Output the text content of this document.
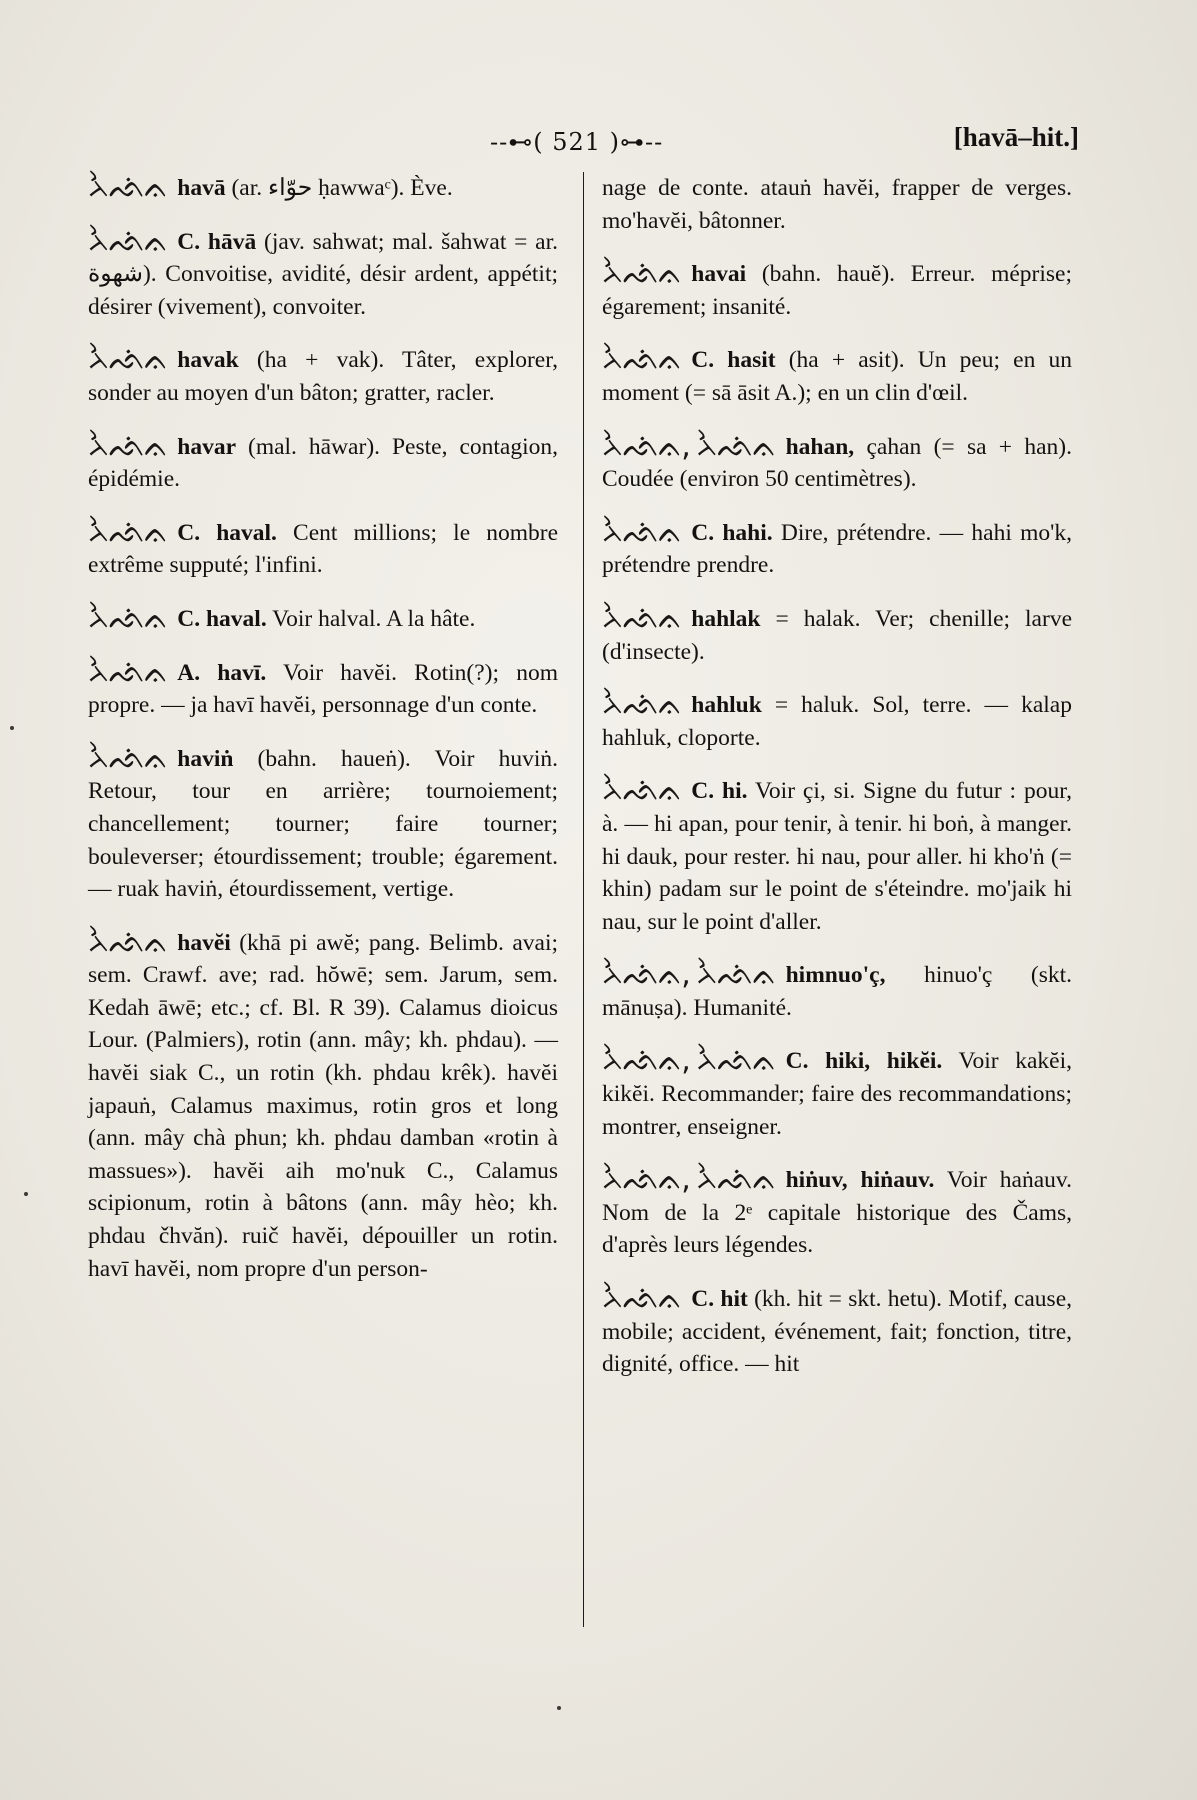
--⊷( 521 )⊶--	[havā–hit.]

ᨂᨛᨒᨗᨊ havā (ar. حوّاء ḥawwaᶜ). Ève.

ᨂᨛᨒᨗᨊ C. hāvā (jav. sahwat; mal. šahwat = ar. شهوة). Convoitise, avidité, désir ardent, appétit; désirer (vivement), convoiter.

ᨂᨛᨒᨗᨊ havak (ha + vak). Tâter, explorer, sonder au moyen d'un bâton; gratter, racler.

ᨂᨛᨒᨗᨊ havar (mal. hāwar). Peste, contagion, épidémie.

ᨂᨛᨒᨗᨊ C. haval. Cent millions; le nombre extrême supputé; l'infini.

ᨂᨛᨒᨗᨊ C. haval. Voir halval. A la hâte.

ᨂᨛᨒᨗᨊ A. havī. Voir havĕi. Rotin(?); nom propre. — ja havī havĕi, personnage d'un conte.

ᨂᨛᨒᨗᨊ haviṅ (bahn. haueṅ). Voir huviṅ. Retour, tour en arrière; tournoiement; chancellement; tourner; faire tourner; bouleverser; étourdissement; trouble; égarement. — ruak haviṅ, étourdissement, vertige.

ᨂᨛᨒᨗᨊ havĕi (khā pi awĕ; pang. Belimb. avai; sem. Crawf. ave; rad. hŏwē; sem. Jarum, sem. Kedah āwē; etc.; cf. Bl. R 39). Calamus dioicus Lour. (Palmiers), rotin (ann. mây; kh. phdau). — havĕi siak C., un rotin (kh. phdau krêk). havĕi japauṅ, Calamus maximus, rotin gros et long (ann. mây chà phun; kh. phdau damban «rotin à massues»). havĕi aih mo'nuk C., Calamus scipionum, rotin à bâtons (ann. mây hèo; kh. phdau čhvăn). ruič havĕi, dépouiller un rotin. havī havĕi, nom propre d'un person-

nage de conte. atauṅ havĕi, frapper de verges. mo'havĕi, bâtonner.

ᨂᨛᨒᨗᨊ havai (bahn. hauĕ). Erreur. méprise; égarement; insanité.

ᨂᨛᨒᨗᨊ C. hasit (ha + asit). Un peu; en un moment (= sā āsit A.); en un clin d'œil.

ᨂᨛᨒᨗᨊ, ᨂᨛᨒᨗᨊ hahan, çahan (= sa + han). Coudée (environ 50 centimètres).

ᨂᨛᨒᨗᨊ C. hahi. Dire, prétendre. — hahi mo'k, prétendre prendre.

ᨂᨛᨒᨗᨊ hahlak = halak. Ver; chenille; larve (d'insecte).

ᨂᨛᨒᨗᨊ hahluk = haluk. Sol, terre. — kalap hahluk, cloporte.

ᨂᨛᨒᨗᨊ C. hi. Voir çi, si. Signe du futur : pour, à. — hi apan, pour tenir, à tenir. hi boṅ, à manger. hi dauk, pour rester. hi nau, pour aller. hi kho'ṅ (= khin) padam sur le point de s'éteindre. mo'jaik hi nau, sur le point d'aller.

ᨂᨛᨒᨗᨊ, ᨂᨛᨒᨗᨊ himnuo'ç, hinuo'ç (skt. mānuṣa). Humanité.

ᨂᨛᨒᨗᨊ, ᨂᨛᨒᨗᨊ C. hiki, hikĕi. Voir kakĕi, kikĕi. Recommander; faire des recommandations; montrer, enseigner.

ᨂᨛᨒᨗᨊ, ᨂᨛᨒᨗᨊ hiṅuv, hiṅauv. Voir haṅauv. Nom de la 2ᵉ capitale historique des Čams, d'après leurs légendes.

ᨂᨛᨒᨗᨊ C. hit (kh. hit = skt. hetu). Motif, cause, mobile; accident, événement, fait; fonction, titre, dignité, office. — hit
